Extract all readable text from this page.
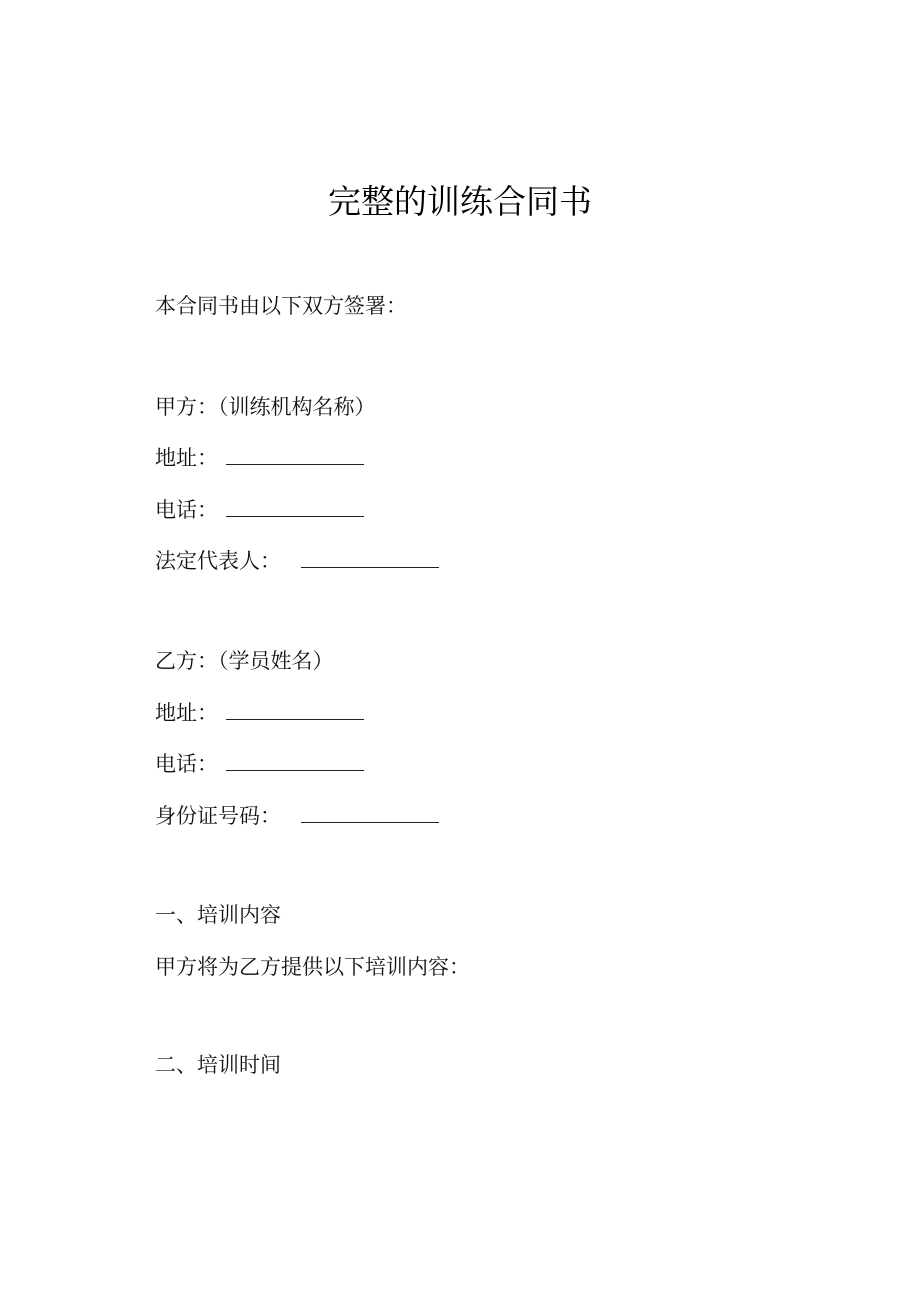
完整的训练合同书
本合同书由以下双方签署：
甲方：（训练机构名称）
地址：
电话：
法定代表人：
乙方：（学员姓名）
地址：
电话：
身份证号码：
一、培训内容
甲方将为乙方提供以下培训内容：
二、培训时间
